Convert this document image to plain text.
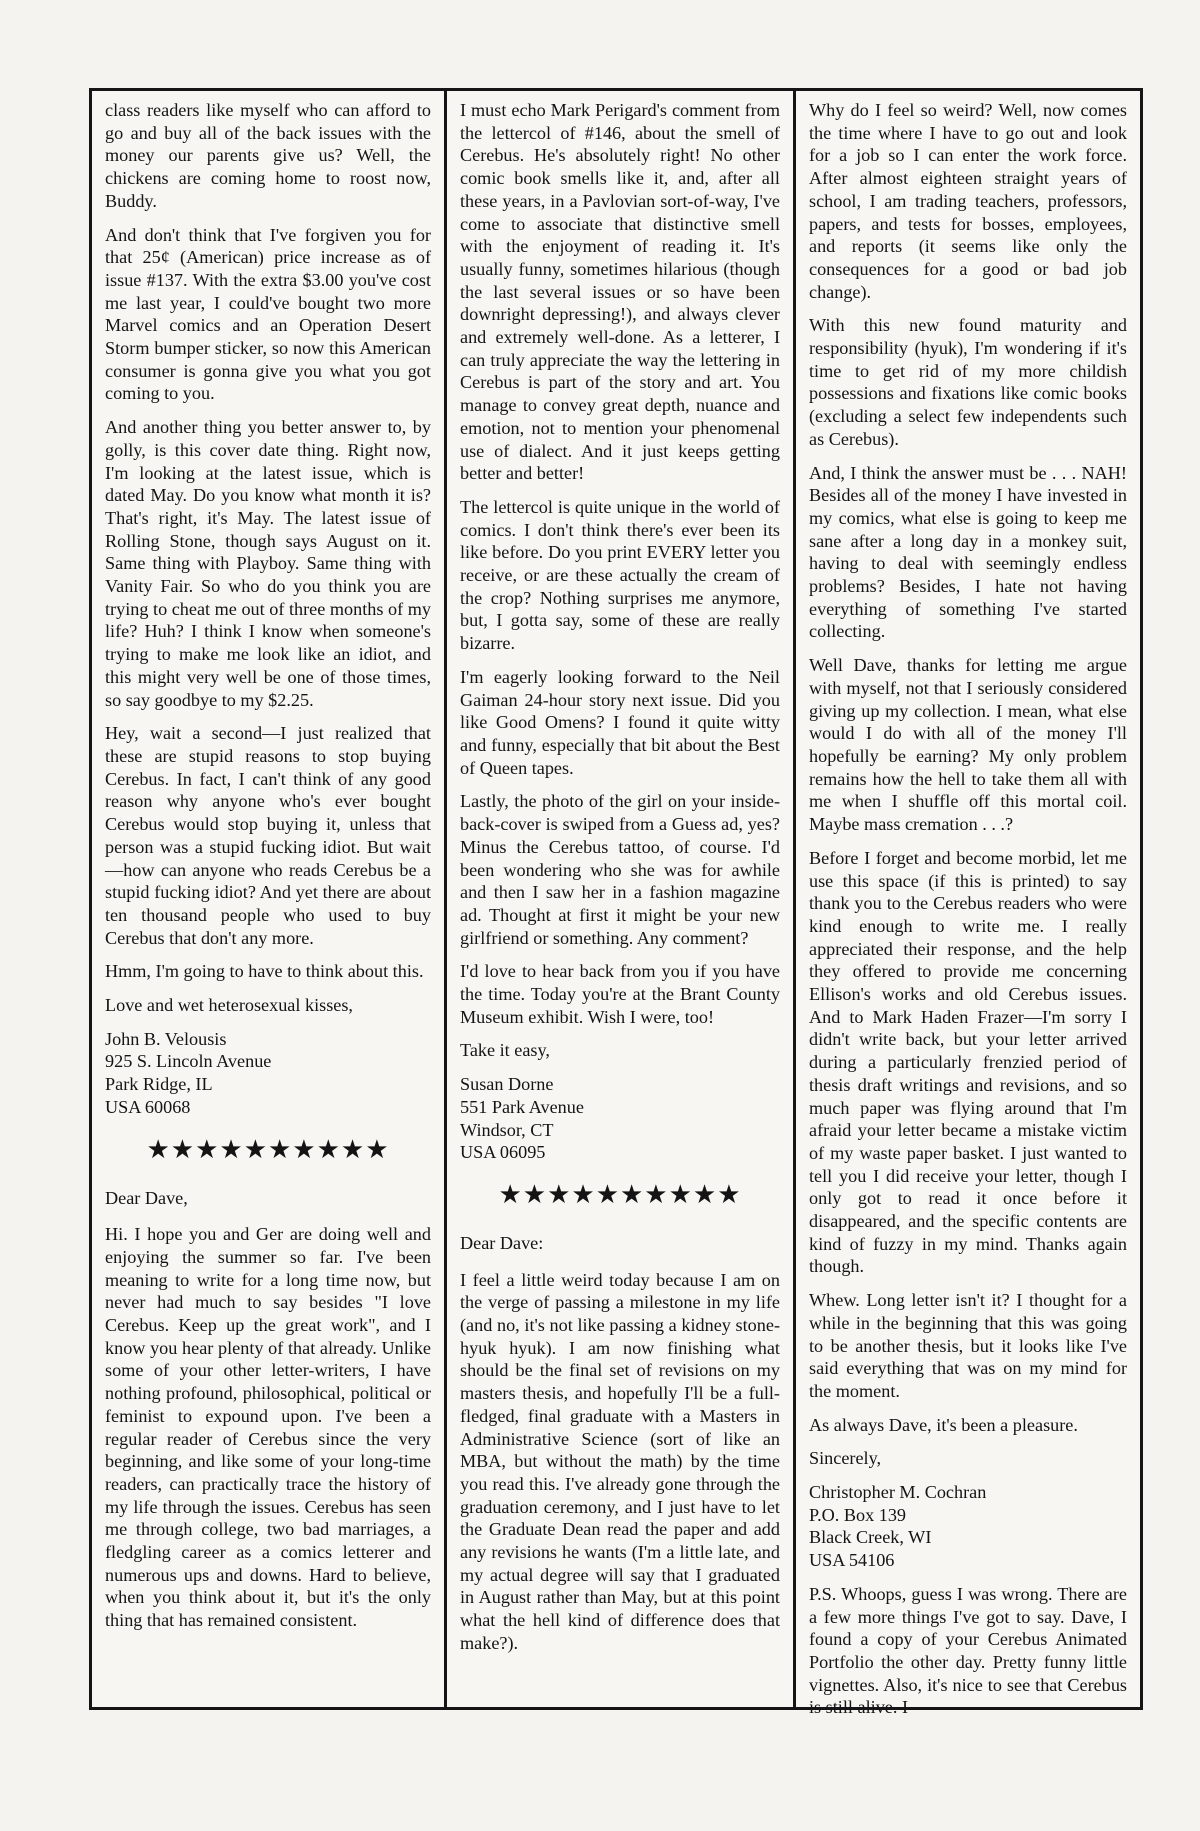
class readers like myself who can afford to go and buy all of the back issues with the money our parents give us? Well, the chickens are coming home to roost now, Buddy.

And don't think that I've forgiven you for that 25¢ (American) price increase as of issue #137. With the extra $3.00 you've cost me last year, I could've bought two more Marvel comics and an Operation Desert Storm bumper sticker, so now this American consumer is gonna give you what you got coming to you.

And another thing you better answer to, by golly, is this cover date thing. Right now, I'm looking at the latest issue, which is dated May. Do you know what month it is? That's right, it's May. The latest issue of Rolling Stone, though says August on it. Same thing with Playboy. Same thing with Vanity Fair. So who do you think you are trying to cheat me out of three months of my life? Huh? I think I know when someone's trying to make me look like an idiot, and this might very well be one of those times, so say goodbye to my $2.25.

Hey, wait a second—I just realized that these are stupid reasons to stop buying Cerebus. In fact, I can't think of any good reason why anyone who's ever bought Cerebus would stop buying it, unless that person was a stupid fucking idiot. But wait—how can anyone who reads Cerebus be a stupid fucking idiot? And yet there are about ten thousand people who used to buy Cerebus that don't any more.

Hmm, I'm going to have to think about this.

Love and wet heterosexual kisses,

John B. Velousis

925 S. Lincoln Avenue

Park Ridge, IL

USA 60068

★★★★★★★★★★

Dear Dave,

Hi. I hope you and Ger are doing well and enjoying the summer so far. I've been meaning to write for a long time now, but never had much to say besides "I love Cerebus. Keep up the great work", and I know you hear plenty of that already. Unlike some of your other letter-writers, I have nothing profound, philosophical, political or feminist to expound upon. I've been a regular reader of Cerebus since the very beginning, and like some of your long-time readers, can practically trace the history of my life through the issues. Cerebus has seen me through college, two bad marriages, a fledgling career as a comics letterer and numerous ups and downs. Hard to believe, when you think about it, but it's the only thing that has remained consistent.

I must echo Mark Perigard's comment from the lettercol of #146, about the smell of Cerebus. He's absolutely right! No other comic book smells like it, and, after all these years, in a Pavlovian sort-of-way, I've come to associate that distinctive smell with the enjoyment of reading it. It's usually funny, sometimes hilarious (though the last several issues or so have been downright depressing!), and always clever and extremely well-done. As a letterer, I can truly appreciate the way the lettering in Cerebus is part of the story and art. You manage to convey great depth, nuance and emotion, not to mention your phenomenal use of dialect. And it just keeps getting better and better!

The lettercol is quite unique in the world of comics. I don't think there's ever been its like before. Do you print EVERY letter you receive, or are these actually the cream of the crop? Nothing surprises me anymore, but, I gotta say, some of these are really bizarre.

I'm eagerly looking forward to the Neil Gaiman 24-hour story next issue. Did you like Good Omens? I found it quite witty and funny, especially that bit about the Best of Queen tapes.

Lastly, the photo of the girl on your inside-back-cover is swiped from a Guess ad, yes? Minus the Cerebus tattoo, of course. I'd been wondering who she was for awhile and then I saw her in a fashion magazine ad. Thought at first it might be your new girlfriend or something. Any comment?

I'd love to hear back from you if you have the time. Today you're at the Brant County Museum exhibit. Wish I were, too!

Take it easy,

Susan Dorne

551 Park Avenue

Windsor, CT

USA 06095

★★★★★★★★★★

Dear Dave:

I feel a little weird today because I am on the verge of passing a milestone in my life (and no, it's not like passing a kidney stone-hyuk hyuk). I am now finishing what should be the final set of revisions on my masters thesis, and hopefully I'll be a full-fledged, final graduate with a Masters in Administrative Science (sort of like an MBA, but without the math) by the time you read this. I've already gone through the graduation ceremony, and I just have to let the Graduate Dean read the paper and add any revisions he wants (I'm a little late, and my actual degree will say that I graduated in August rather than May, but at this point what the hell kind of difference does that make?).

Why do I feel so weird? Well, now comes the time where I have to go out and look for a job so I can enter the work force. After almost eighteen straight years of school, I am trading teachers, professors, papers, and tests for bosses, employees, and reports (it seems like only the consequences for a good or bad job change).

With this new found maturity and responsibility (hyuk), I'm wondering if it's time to get rid of my more childish possessions and fixations like comic books (excluding a select few independents such as Cerebus).

And, I think the answer must be . . . NAH! Besides all of the money I have invested in my comics, what else is going to keep me sane after a long day in a monkey suit, having to deal with seemingly endless problems? Besides, I hate not having everything of something I've started collecting.

Well Dave, thanks for letting me argue with myself, not that I seriously considered giving up my collection. I mean, what else would I do with all of the money I'll hopefully be earning? My only problem remains how the hell to take them all with me when I shuffle off this mortal coil. Maybe mass cremation . . .?

Before I forget and become morbid, let me use this space (if this is printed) to say thank you to the Cerebus readers who were kind enough to write me. I really appreciated their response, and the help they offered to provide me concerning Ellison's works and old Cerebus issues. And to Mark Haden Frazer—I'm sorry I didn't write back, but your letter arrived during a particularly frenzied period of thesis draft writings and revisions, and so much paper was flying around that I'm afraid your letter became a mistake victim of my waste paper basket. I just wanted to tell you I did receive your letter, though I only got to read it once before it disappeared, and the specific contents are kind of fuzzy in my mind. Thanks again though.

Whew. Long letter isn't it? I thought for a while in the beginning that this was going to be another thesis, but it looks like I've said everything that was on my mind for the moment.

As always Dave, it's been a pleasure.

Sincerely,

Christopher M. Cochran

P.O. Box 139

Black Creek, WI

USA 54106

P.S. Whoops, guess I was wrong. There are a few more things I've got to say. Dave, I found a copy of your Cerebus Animated Portfolio the other day. Pretty funny little vignettes. Also, it's nice to see that Cerebus is still alive. I
